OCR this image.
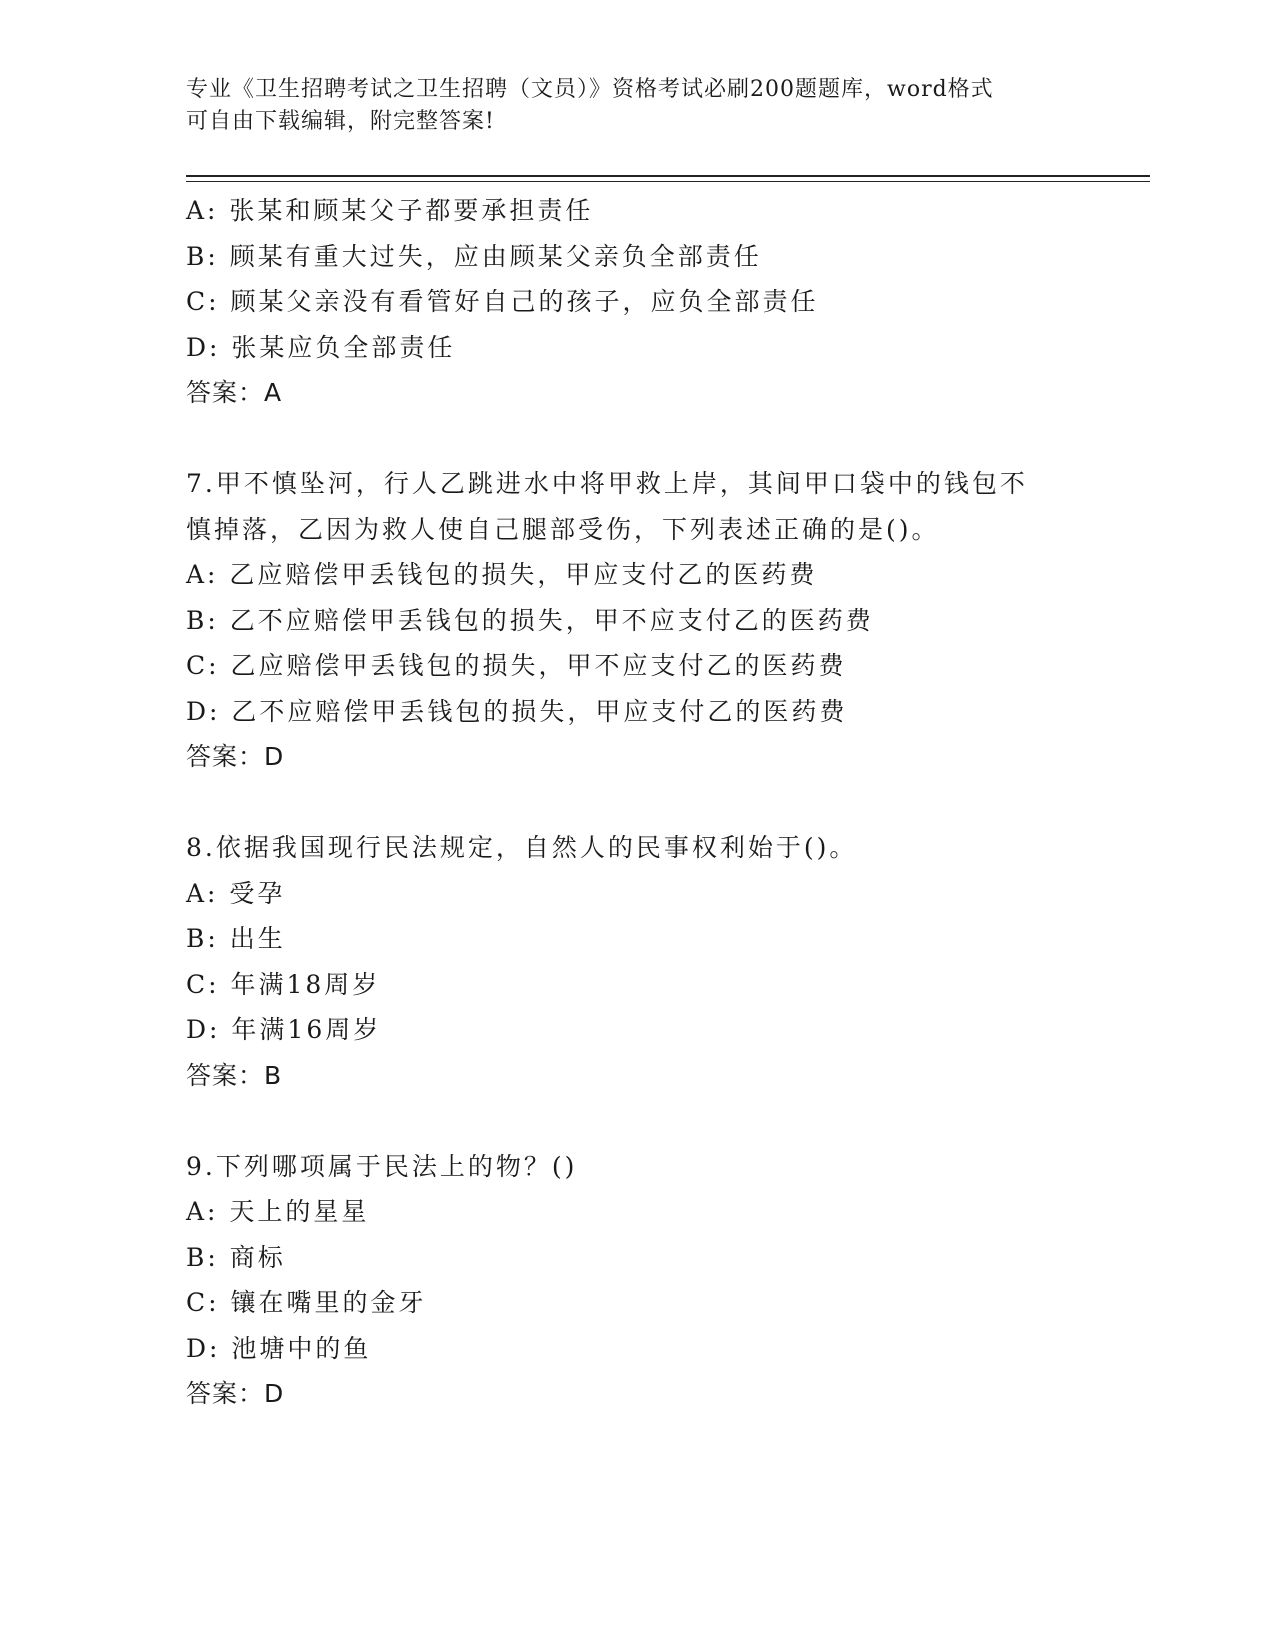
专业《卫生招聘考试之卫生招聘（文员）》资格考试必刷200题题库，word格式
可自由下载编辑，附完整答案!
A: 张某和顾某父子都要承担责任
B: 顾某有重大过失，应由顾某父亲负全部责任
C: 顾某父亲没有看管好自己的孩子，应负全部责任
D: 张某应负全部责任
答案：A
7.甲不慎坠河，行人乙跳进水中将甲救上岸，其间甲口袋中的钱包不
慎掉落，乙因为救人使自己腿部受伤，下列表述正确的是()。
A: 乙应赔偿甲丢钱包的损失，甲应支付乙的医药费
B: 乙不应赔偿甲丢钱包的损失，甲不应支付乙的医药费
C: 乙应赔偿甲丢钱包的损失，甲不应支付乙的医药费
D: 乙不应赔偿甲丢钱包的损失，甲应支付乙的医药费
答案：D
8.依据我国现行民法规定，自然人的民事权利始于()。
A: 受孕
B: 出生
C: 年满18周岁
D: 年满16周岁
答案：B
9.下列哪项属于民法上的物？()
A: 天上的星星
B: 商标
C: 镶在嘴里的金牙
D: 池塘中的鱼
答案：D
